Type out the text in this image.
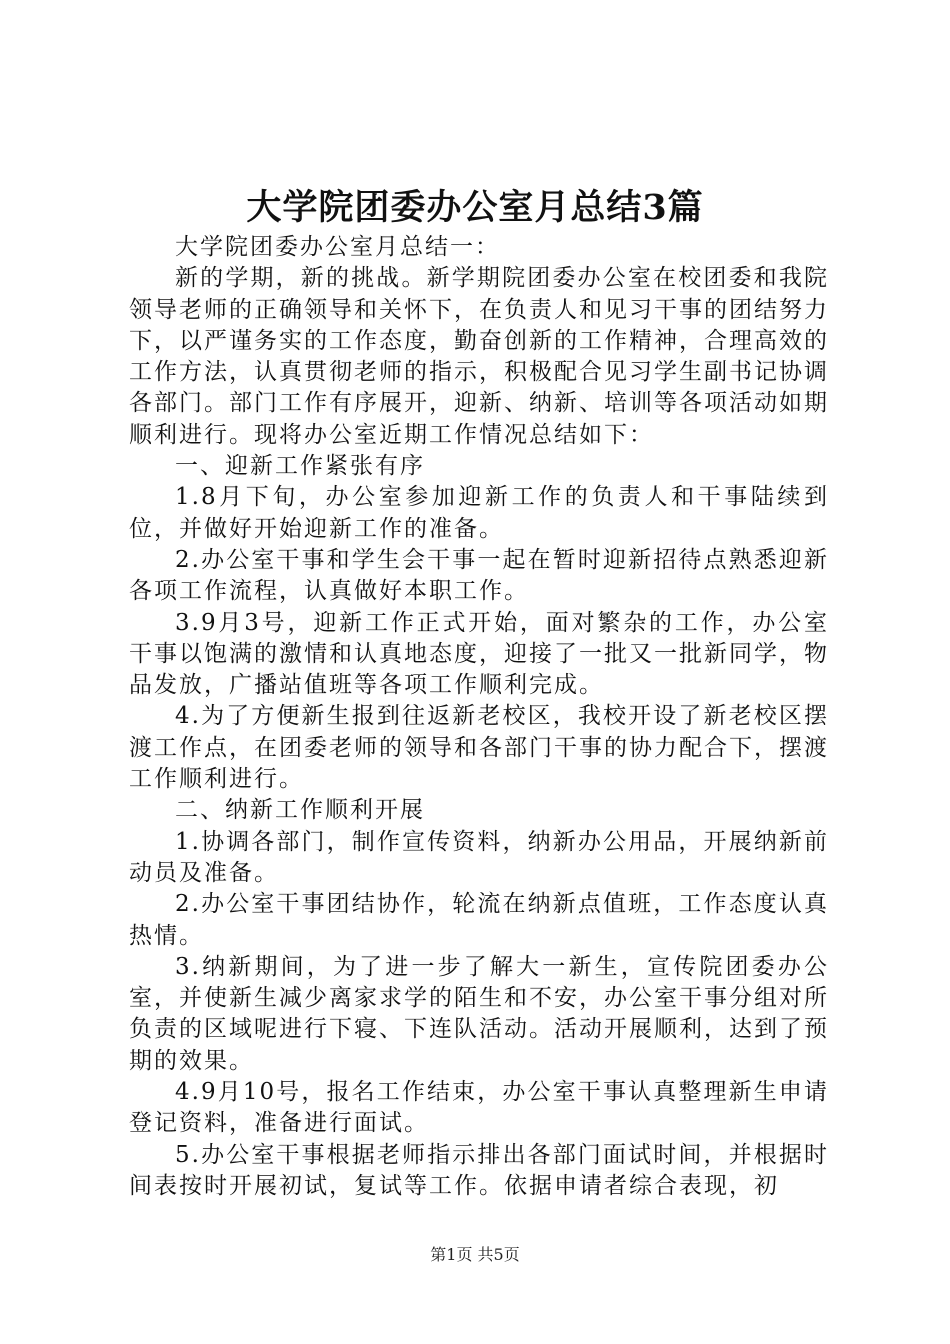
大学院团委办公室月总结3篇

大学院团委办公室月总结一：

新的学期，新的挑战。新学期院团委办公室在校团委和我院领导老师的正确领导和关怀下，在负责人和见习干事的团结努力下，以严谨务实的工作态度，勤奋创新的工作精神，合理高效的工作方法，认真贯彻老师的指示，积极配合见习学生副书记协调各部门。部门工作有序展开，迎新、纳新、培训等各项活动如期顺利进行。现将办公室近期工作情况总结如下：

一、迎新工作紧张有序

1.8月下旬，办公室参加迎新工作的负责人和干事陆续到位，并做好开始迎新工作的准备。

2.办公室干事和学生会干事一起在暂时迎新招待点熟悉迎新各项工作流程，认真做好本职工作。

3.9月3号，迎新工作正式开始，面对繁杂的工作，办公室干事以饱满的激情和认真地态度，迎接了一批又一批新同学，物品发放，广播站值班等各项工作顺利完成。

4.为了方便新生报到往返新老校区，我校开设了新老校区摆渡工作点，在团委老师的领导和各部门干事的协力配合下，摆渡工作顺利进行。

二、纳新工作顺利开展

1.协调各部门，制作宣传资料，纳新办公用品，开展纳新前动员及准备。

2.办公室干事团结协作，轮流在纳新点值班，工作态度认真热情。

3.纳新期间，为了进一步了解大一新生，宣传院团委办公室，并使新生减少离家求学的陌生和不安，办公室干事分组对所负责的区域呢进行下寝、下连队活动。活动开展顺利，达到了预期的效果。

4.9月10号，报名工作结束，办公室干事认真整理新生申请登记资料，准备进行面试。

5.办公室干事根据老师指示排出各部门面试时间，并根据时间表按时开展初试，复试等工作。依据申请者综合表现，初

第1页 共5页
